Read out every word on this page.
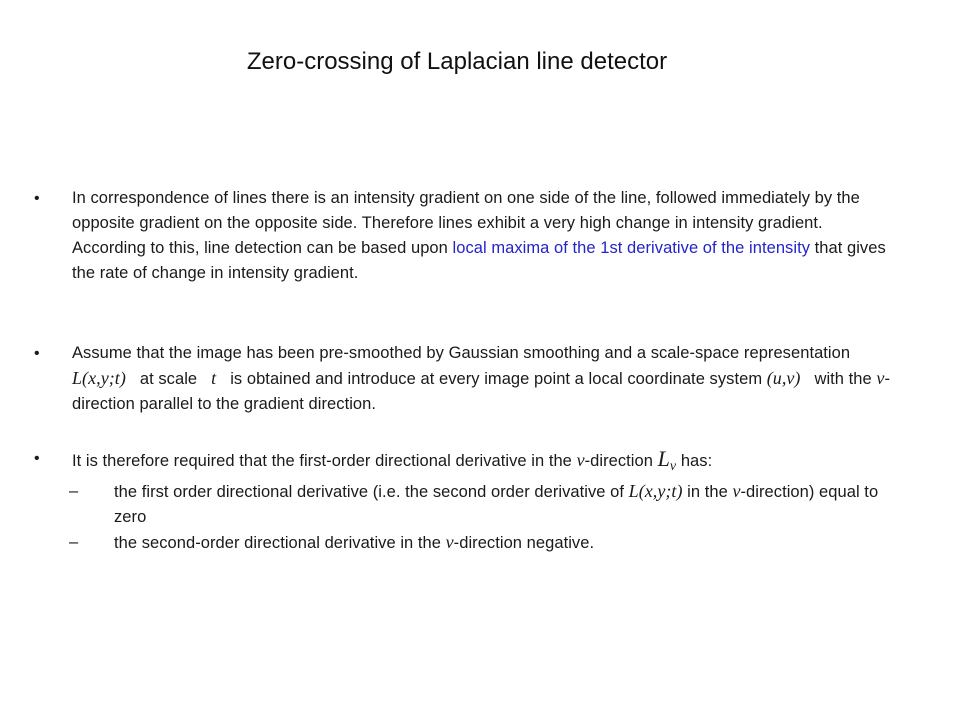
Zero-crossing of Laplacian line detector
•	In correspondence of lines there is an intensity gradient on one side of the line, followed immediately by the opposite gradient on the opposite side. Therefore lines exhibit a very high change in intensity gradient. According to this, line detection can be based upon local maxima of the 1st derivative of the intensity that gives the rate of change in intensity gradient.
•	Assume that the image has been pre-smoothed by Gaussian smoothing and a scale-space representationL(x,y;t) at scale t is obtained and introduce at every image point a local coordinate system (u,v) with the v-direction parallel to the gradient direction.
•	It is therefore required that the first-order directional derivative in the v-direction $L_v$ has:
– the first order directional derivative (i.e. the second order derivative of L(x,y;t) in the v-direction) equal to zero
– the second-order directional derivative in the v-direction negative.
